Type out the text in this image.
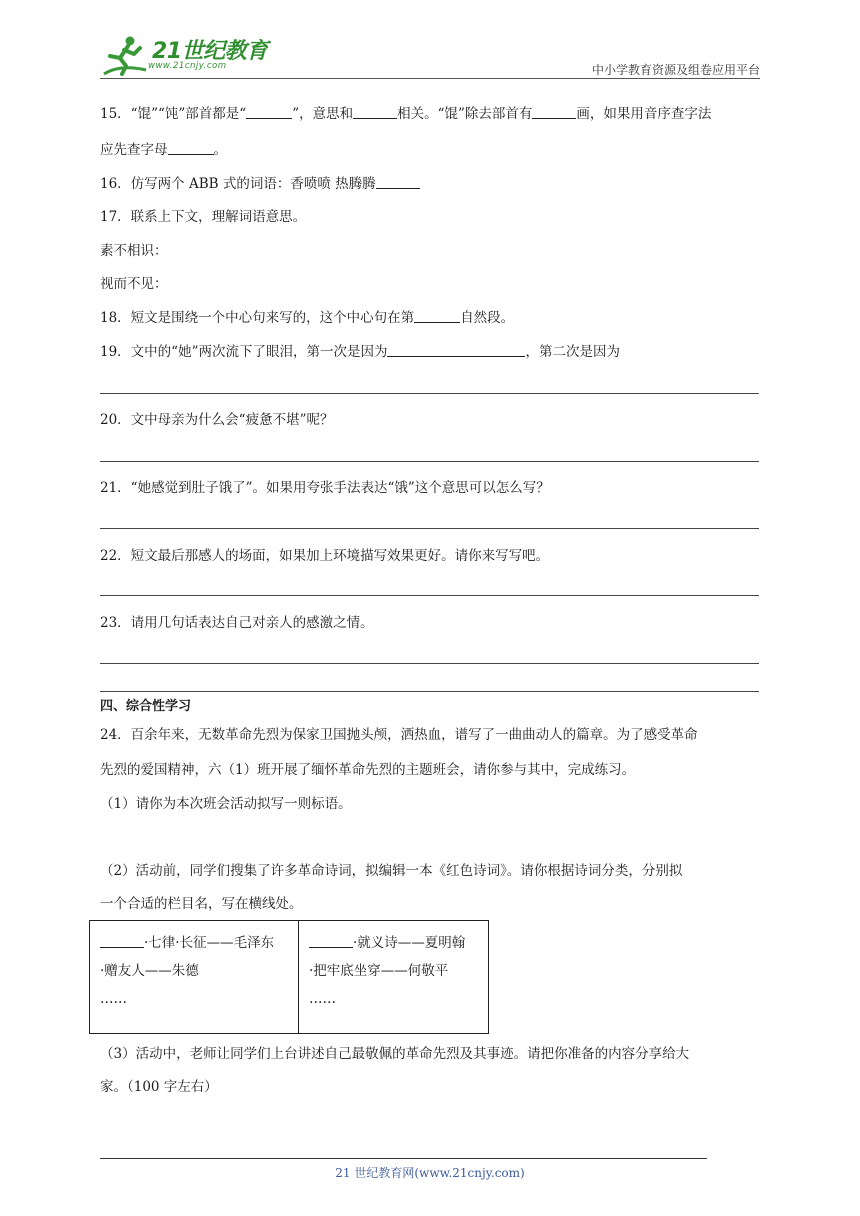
21世纪教育
www.21cnjy.com	中小学教育资源及组卷应用平台
15．“馄”“饨”部首都是“	”，意思和	相关。“馄”除去部首有	画，如果用音序查字法
应先查字母	。
16．仿写两个 ABB 式的词语：香喷喷 热腾腾
17．联系上下文，理解词语意思。
素不相识：
视而不见：
18．短文是围绕一个中心句来写的，这个中心句在第	自然段。
19．文中的“她”两次流下了眼泪，第一次是因为	，第二次是因为
20．文中母亲为什么会“疲惫不堪”呢？
21．“她感觉到肚子饿了”。如果用夸张手法表达“饿”这个意思可以怎么写？
22．短文最后那感人的场面，如果加上环境描写效果更好。请你来写写吧。
23．请用几句话表达自己对亲人的感激之情。
四、综合性学习
24．百余年来，无数革命先烈为保家卫国抛头颅，洒热血，谱写了一曲曲动人的篇章。为了感受革命
先烈的爱国精神，六（1）班开展了缅怀革命先烈的主题班会，请你参与其中，完成练习。
（1）请你为本次班会活动拟写一则标语。
（2）活动前，同学们搜集了许多革命诗词，拟编辑一本《红色诗词》。请你根据诗词分类，分别拟
一个合适的栏目名，写在横线处。
·七律·长征——毛泽东
·赠友人——朱德
……

·就义诗——夏明翰
·把牢底坐穿——何敬平
……
（3）活动中，老师让同学们上台讲述自己最敬佩的革命先烈及其事迹。请把你准备的内容分享给大
家。（100 字左右）
21 世纪教育网(www.21cnjy.com)
